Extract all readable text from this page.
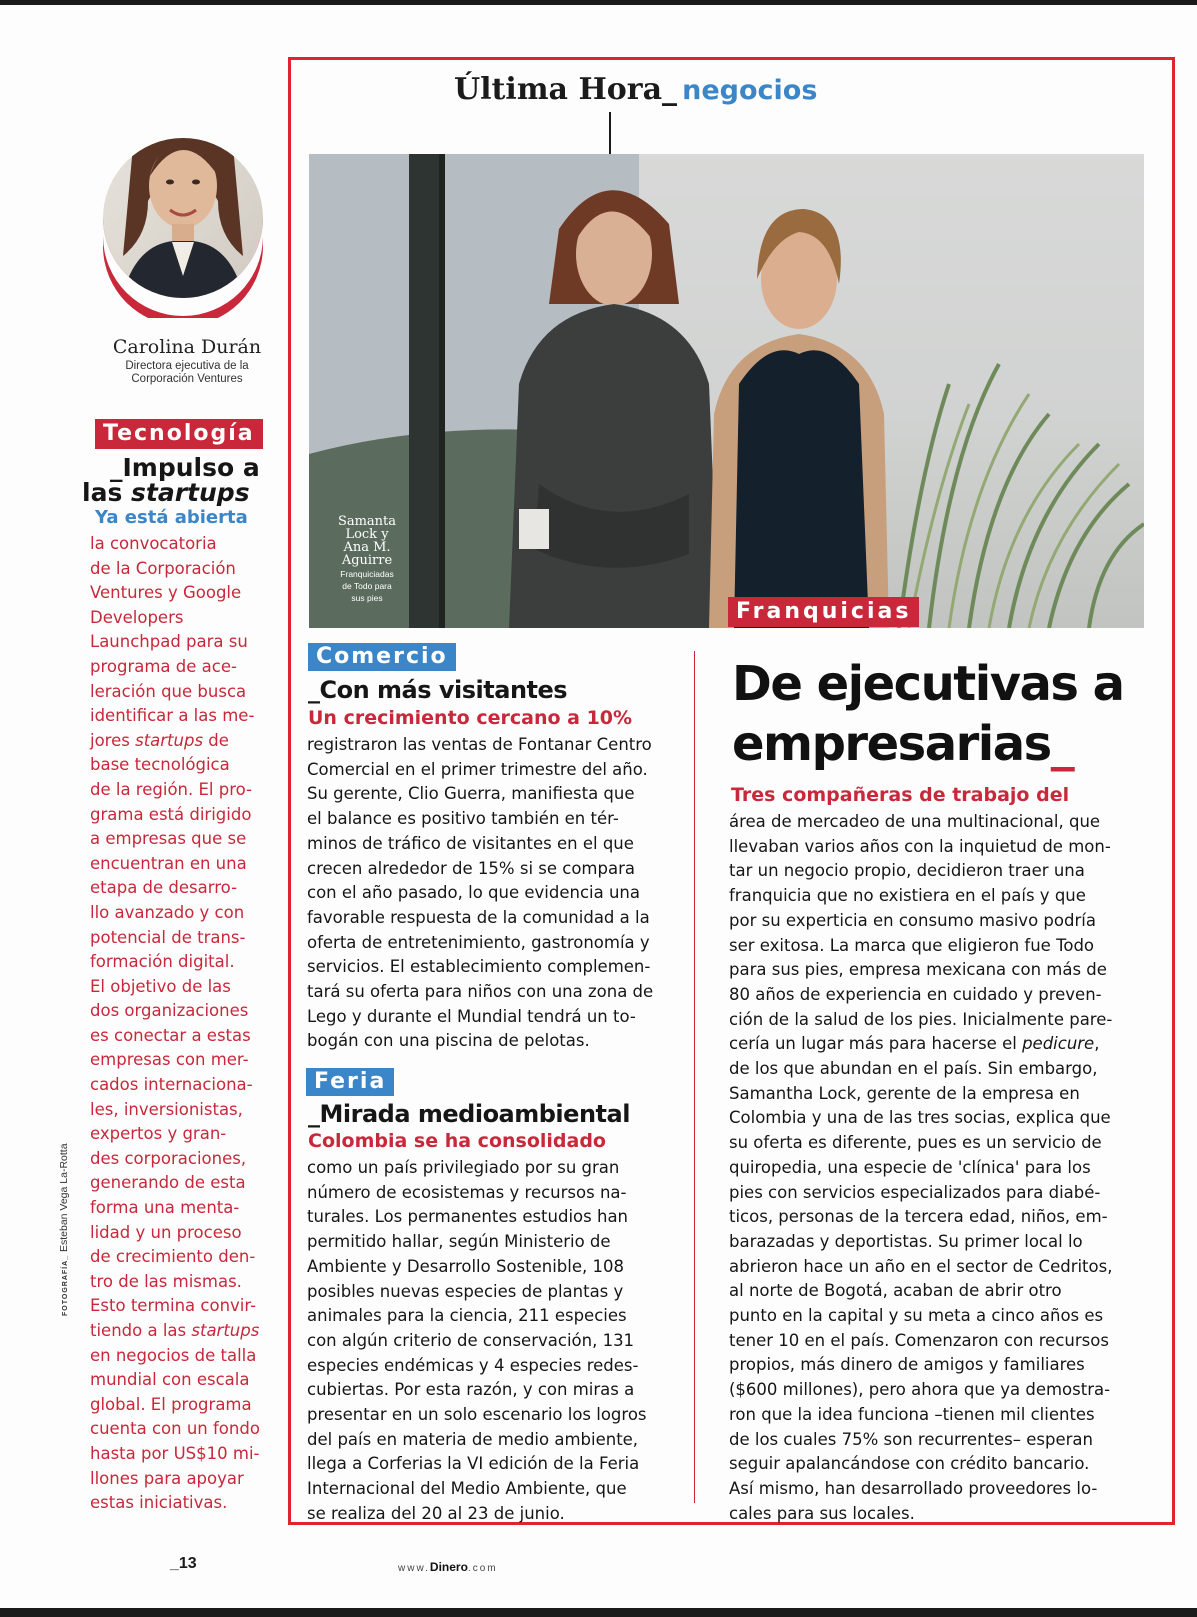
Carolina Durán
Directora ejecutiva de la
Corporación Ventures
Tecnología
_Impulso a
las startups
Ya está abierta
la convocatoria
de la Corporación
Ventures y Google
Developers
Launchpad para su
programa de ace-
leración que busca
identificar a las me-
jores startups de
base tecnológica
de la región. El pro-
grama está dirigido
a empresas que se
encuentran en una
etapa de desarro-
llo avanzado y con
potencial de trans-
formación digital.
El objetivo de las
dos organizaciones
es conectar a estas
empresas con mer-
cados internaciona-
les, inversionistas,
expertos y gran-
des corporaciones,
generando de esta
forma una menta-
lidad y un proceso
de crecimiento den-
tro de las mismas.
Esto termina convir-
tiendo a las startups
en negocios de talla
mundial con escala
global. El programa
cuenta con un fondo
hasta por US$10 mi-
llones para apoyar
estas iniciativas.
FOTOGRAFÍA_ Esteban Vega La-Rotta
_13	www.Dinero.com
Última Hora_ negocios
Samanta
Lock y
Ana M.
Aguirre
Franquiciadas
de Todo para
sus pies
Franquicias
Comercio
_Con más visitantes
Un crecimiento cercano a 10%
registraron las ventas de Fontanar Centro
Comercial en el primer trimestre del año.
Su gerente, Clio Guerra, manifiesta que
el balance es positivo también en tér-
minos de tráfico de visitantes en el que
crecen alrededor de 15% si se compara
con el año pasado, lo que evidencia una
favorable respuesta de la comunidad a la
oferta de entretenimiento, gastronomía y
servicios. El establecimiento complemen-
tará su oferta para niños con una zona de
Lego y durante el Mundial tendrá un to-
bogán con una piscina de pelotas.
Feria
_Mirada medioambiental
Colombia se ha consolidado
como un país privilegiado por su gran
número de ecosistemas y recursos na-
turales. Los permanentes estudios han
permitido hallar, según Ministerio de
Ambiente y Desarrollo Sostenible, 108
posibles nuevas especies de plantas y
animales para la ciencia, 211 especies
con algún criterio de conservación, 131
especies endémicas y 4 especies redes-
cubiertas. Por esta razón, y con miras a
presentar en un solo escenario los logros
del país en materia de medio ambiente,
llega a Corferias la VI edición de la Feria
Internacional del Medio Ambiente, que
se realiza del 20 al 23 de junio.
De ejecutivas a
empresarias_
Tres compañeras de trabajo del
área de mercadeo de una multinacional, que
llevaban varios años con la inquietud de mon-
tar un negocio propio, decidieron traer una
franquicia que no existiera en el país y que
por su experticia en consumo masivo podría
ser exitosa. La marca que eligieron fue Todo
para sus pies, empresa mexicana con más de
80 años de experiencia en cuidado y preven-
ción de la salud de los pies. Inicialmente pare-
cería un lugar más para hacerse el pedicure,
de los que abundan en el país. Sin embargo,
Samantha Lock, gerente de la empresa en
Colombia y una de las tres socias, explica que
su oferta es diferente, pues es un servicio de
quiropedia, una especie de 'clínica' para los
pies con servicios especializados para diabé-
ticos, personas de la tercera edad, niños, em-
barazadas y deportistas. Su primer local lo
abrieron hace un año en el sector de Cedritos,
al norte de Bogotá, acaban de abrir otro
punto en la capital y su meta a cinco años es
tener 10 en el país. Comenzaron con recursos
propios, más dinero de amigos y familiares
($600 millones), pero ahora que ya demostra-
ron que la idea funciona –tienen mil clientes
de los cuales 75% son recurrentes– esperan
seguir apalancándose con crédito bancario.
Así mismo, han desarrollado proveedores lo-
cales para sus locales.
